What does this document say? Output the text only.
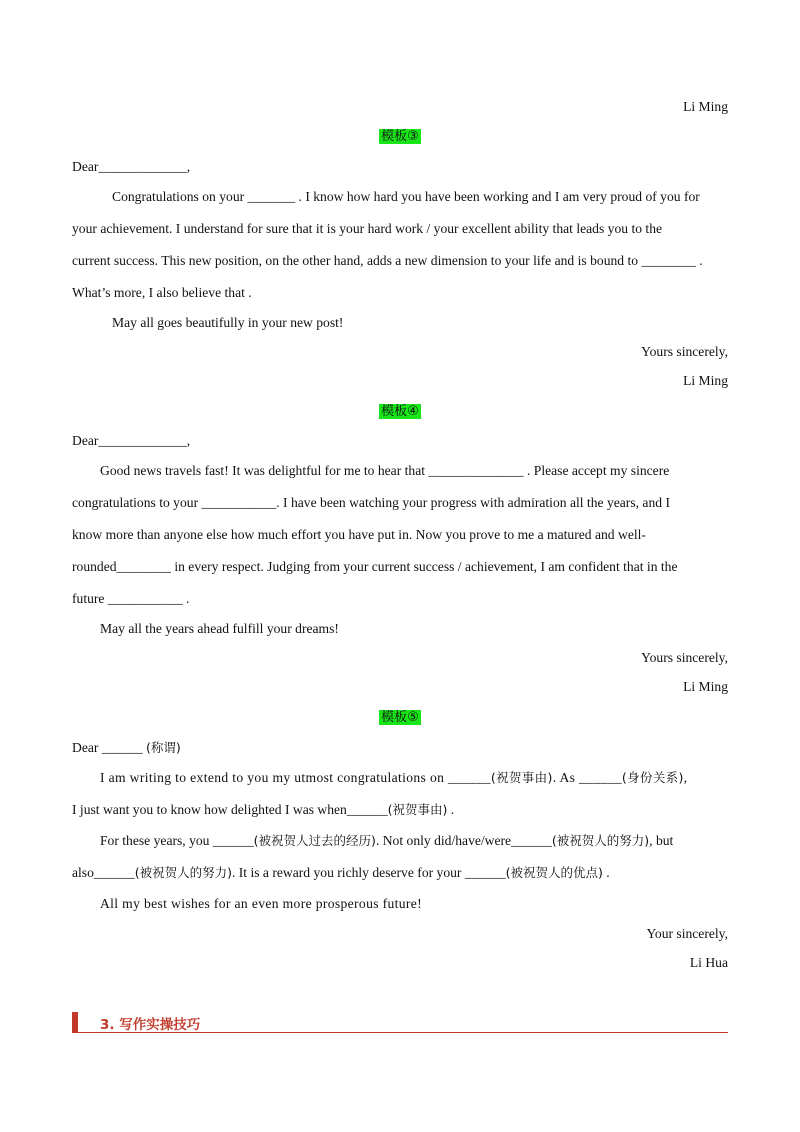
Li Ming
模板③
Dear_____________,
Congratulations on your _______ . I know how hard you have been working and I am very proud of you for
your achievement. I understand for sure that it is your hard work / your excellent ability that leads you to the
current success. This new position, on the other hand, adds a new dimension to your life and is bound to ________ .
What’s more, I also believe that .
May all goes beautifully in your new post!
Yours sincerely,
Li Ming
模板④
Dear_____________,
Good news travels fast! It was delightful for me to hear that ______________ . Please accept my sincere
congratulations to your ___________. I have been watching your progress with admiration all the years, and I
know more than anyone else how much effort you have put in. Now you prove to me a matured and well-
rounded________ in every respect. Judging from your current success / achievement, I am confident that in the
future ___________ .
May all the years ahead fulfill your dreams!
Yours sincerely,
Li Ming
模板⑤
Dear ______ (称谓)
I am writing to extend to you my utmost congratulations on ______(祝贺事由). As ______(身份关系),
I just want you to know how delighted I was when______(祝贺事由) .
For these years, you ______(被祝贺人过去的经历). Not only did/have/were______(被祝贺人的努力), but
also______(被祝贺人的努力). It is a reward you richly deserve for your ______(被祝贺人的优点) .
All my best wishes for an even more prosperous future!
Your sincerely,
Li Hua
3. 写作实操技巧
